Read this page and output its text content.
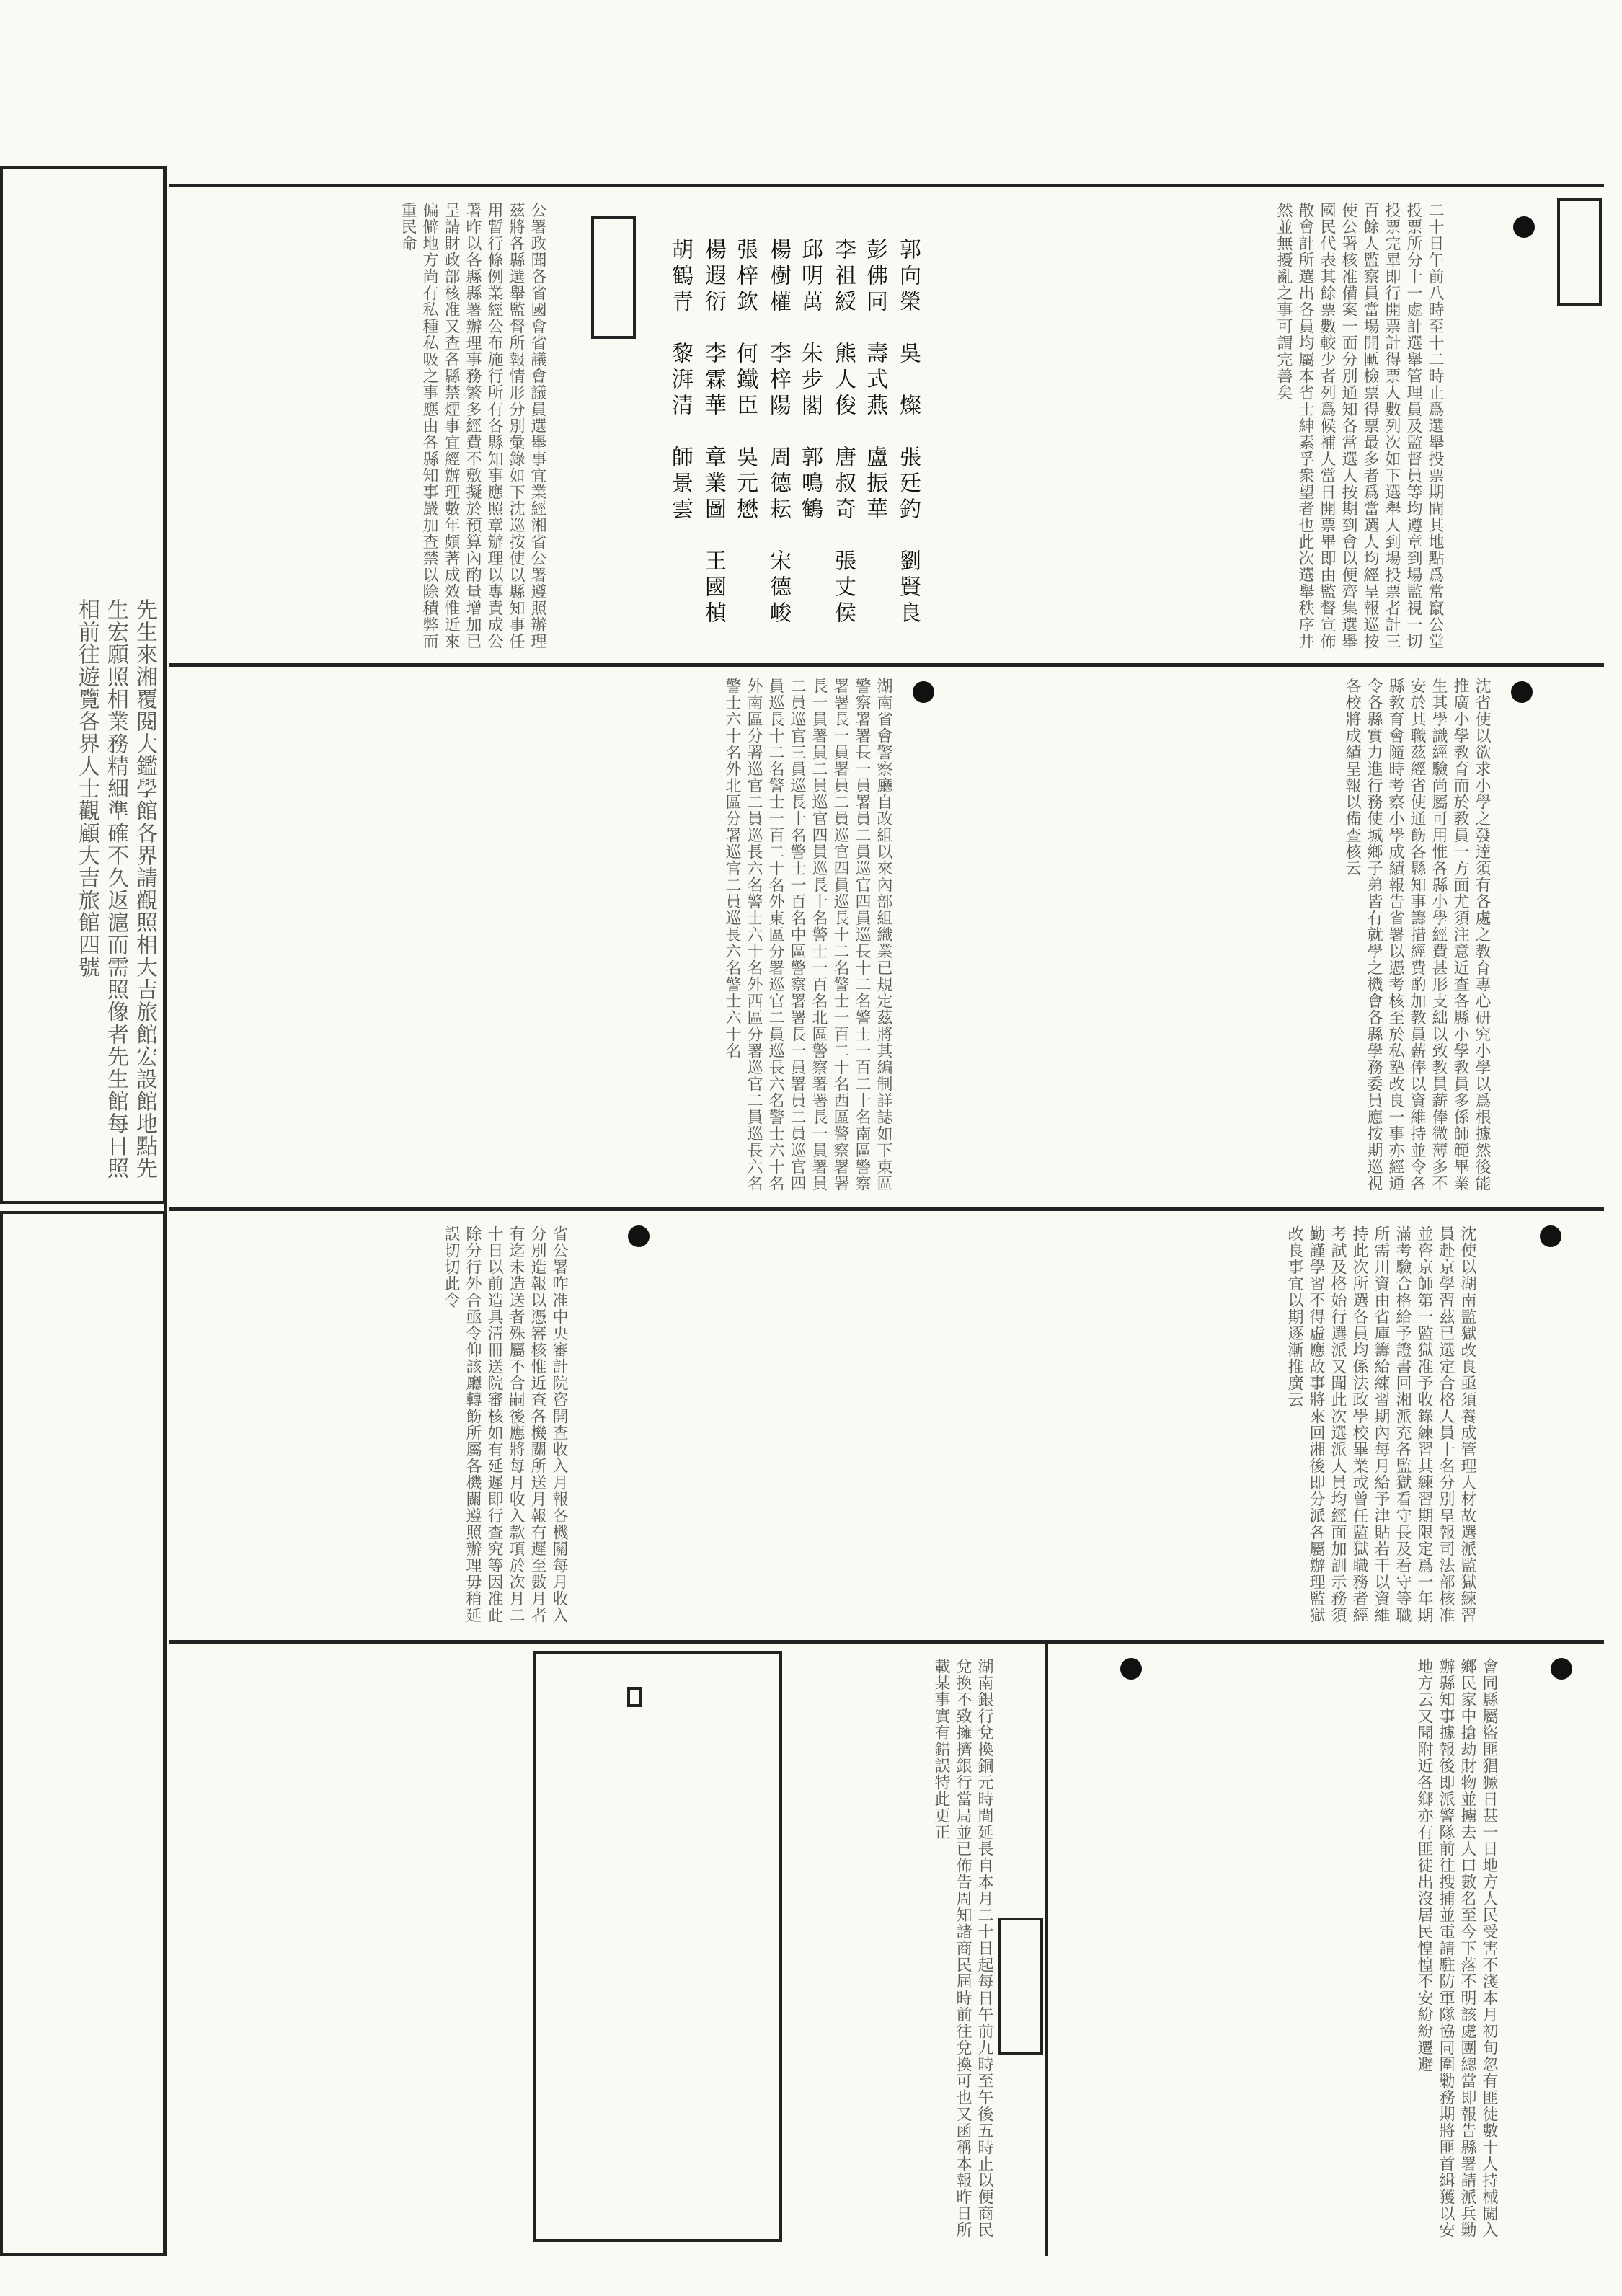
先生來湘覆閱大鑑學館各界請觀照相大吉旅館宏設館地點先生宏願照相業務精細準確不久返滬而需照像者先生館每日照相前往遊覽各界人士觀顧大吉旅館四號
二十日午前八時至十二時止爲選舉投票期間其地點爲常竄公堂投票所分十一處計選舉管理員及監督員等均遵章到場監視一切投票完畢即行開票計得票人數列次如下選舉人到場投票者計三百餘人監察員當場開匭檢票得票最多者爲當選人均經呈報巡按使公署核准備案一面分別通知各當選人按期到會以便齊集選舉國民代表其餘票數較少者列爲候補人當日開票畢即由監督宣佈散會計所選出各員均屬本省士紳素孚衆望者也此次選舉秩序井然並無擾亂之事可謂完善矣
郭向榮　吳　燦　張廷釣　劉賢良　彭佛同　壽式燕　盧振華
李祖綬　熊人俊　唐叔奇　張丈侯　邱明萬　朱步閣　郭鳴鶴
楊樹權　李梓陽　周德耘　宋德峻　張梓欽　何鐵臣　吳元懋
楊遐衍　李霖華　章業圖　王國楨　胡鶴青　黎湃清　師景雲
公署政聞各省國會省議會議員選舉事宜業經湘省公署遵照辦理茲將各縣選舉監督所報情形分別彙錄如下沈巡按使以縣知事任用暫行條例業經公布施行所有各縣知事應照章辦理以專責成公署昨以各縣縣署辦理事務繁多經費不敷擬於預算內酌量增加已呈請財政部核准又查各縣禁煙事宜經辦理數年頗著成效惟近來偏僻地方尚有私種私吸之事應由各縣知事嚴加查禁以除積弊而重民命
沈省使以欲求小學之發達須有各處之教育專心研究小學以爲根據然後能推廣小學教育而於教員一方面尤須注意近查各縣小學教員多係師範畢業生其學識經驗尚屬可用惟各縣小學經費甚形支絀以致教員薪俸微薄多不安於其職茲經省使通飭各縣知事籌措經費酌加教員薪俸以資維持並令各縣教育會隨時考察小學成績報告省署以憑考核至於私塾改良一事亦經通令各縣實力進行務使城鄉子弟皆有就學之機會各縣學務委員應按期巡視各校將成績呈報以備查核云
湖南省會警察廳自改組以來內部組織業已規定茲將其編制詳誌如下東區警察署署長一員署員二員巡官四員巡長十二名警士一百二十名南區警察署署長一員署員二員巡官四員巡長十二名警士一百二十名西區警察署署長一員署員二員巡官四員巡長十名警士一百名北區警察署署長一員署員二員巡官三員巡長十名警士一百名中區警察署署長一員署員二員巡官四員巡長十二名警士一百二十名外東區分署巡官二員巡長六名警士六十名外南區分署巡官二員巡長六名警士六十名外西區分署巡官二員巡長六名警士六十名外北區分署巡官二員巡長六名警士六十名
沈使以湖南監獄改良亟須養成管理人材故選派監獄練習員赴京學習茲已選定合格人員十名分別呈報司法部核准並咨京師第一監獄准予收錄練習其練習期限定爲一年期滿考驗合格給予證書回湘派充各監獄看守長及看守等職所需川資由省庫籌給練習期內每月給予津貼若干以資維持此次所選各員均係法政學校畢業或曾任監獄職務者經考試及格始行選派又聞此次選派人員均經面加訓示務須勤謹學習不得虛應故事將來回湘後即分派各屬辦理監獄改良事宜以期逐漸推廣云
省公署咋准中央審計院咨開查收入月報各機關每月收入分別造報以憑審核惟近查各機關所送月報有遲至數月者有迄未造送者殊屬不合嗣後應將每月收入款項於次月二十日以前造具清冊送院審核如有延遲即行查究等因准此除分行外合亟令仰該廳轉飭所屬各機關遵照辦理毋稍延誤切切此令
會同縣屬盜匪猖獗日甚一日地方人民受害不淺本月初旬忽有匪徒數十人持械闖入鄉民家中搶劫財物並擄去人口數名至今下落不明該處團總當即報告縣署請派兵勦辦縣知事據報後即派警隊前往搜捕並電請駐防軍隊協同圍勦務期將匪首緝獲以安地方云又聞附近各鄉亦有匪徒出沒居民惶惶不安紛紛遷避
湖南銀行兌換銅元時間延長自本月二十日起每日午前九時至午後五時止以便商民兌換不致擁擠銀行當局並已佈告周知諸商民屆時前往兌換可也又函稱本報昨日所載某事實有錯誤特此更正
